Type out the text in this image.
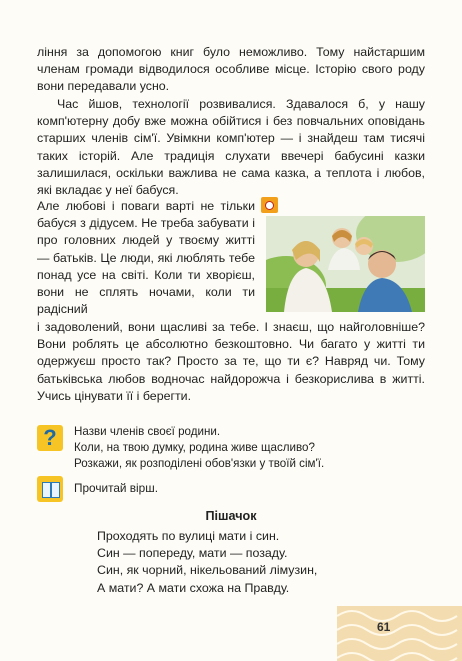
ління за допомогою книг було неможливо. Тому найстаршим членам громади відводилося особливе місце. Історію свого роду вони передавали усно.
Час йшов, технології розвивалися. Здавалося б, у нашу комп'ютерну добу вже можна обійтися і без повчальних оповідань старших членів сім'ї. Увімкни комп'ютер — і знайдеш там тисячі таких історій. Але традиція слухати ввечері бабусині казки залишилася, оскільки важлива не сама казка, а теплота і любов, які вкладає у неї бабуся.
Але любові і поваги варті не тільки бабуся з дідусем. Не треба забувати і про головних людей у твоєму житті — батьків. Це люди, які люблять тебе понад усе на світі. Коли ти хворієш, вони не сплять ночами, коли ти радісний
і задоволений, вони щасливі за тебе. І знаєш, що найголовніше? Вони роблять це абсолютно безкоштовно. Чи багато у житті ти одержуєш просто так? Просто за те, що ти є? Навряд чи. Тому батьківська любов водночас найдорожча і безкорислива в житті. Учись цінувати її і берегти.
?	Назви членів своєї родини.
Коли, на твою думку, родина живе щасливо?
Розкажи, як розподілені обов'язки у твоїй сім'ї.
Прочитай вірш.
Пішачок
Проходять по вулиці мати і син.
Син — попереду, мати — позаду.
Син, як чорний, нікельований лімузин,
А мати? А мати схожа на Правду.
61
